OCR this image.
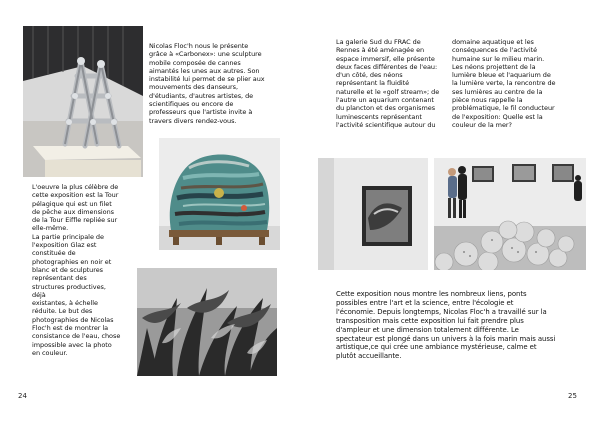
Nicolas Floc'h nous le présente
grâce à «Carbonex»: une sculpture
mobile composée de cannes
aimantés les unes aux autres. Son
instabilité lui permet de se plier aux
mouvements des danseurs,
d'étudiants, d'autres artistes, de
scientifiques ou encore de
professeurs que l'artiste invite à
travers divers rendez-vous.
L'oeuvre la plus célèbre de
cette exposition est la Tour
pélagique qui est un filet
de pêche aux dimensions
de la Tour Eiffle repliée sur
elle-même.
La partie principale de
l'exposition Glaz est
constituée de
photographies en noir et
blanc et de sculptures
représentant des
structures productives,
déjà
existantes, à échelle
réduite. Le but des
photographies de Nicolas
Floc'h est de montrer la
consistance de l'eau, chose
impossible avec la photo
en couleur.
24
La galerie Sud du FRAC de
Rennes à été aménagée en
espace immersif, elle présente
deux faces différentes de l'eau:
d'un côté, des néons
représentant la fluidité
naturelle et le «golf stream»; de
l'autre un aquarium contenant
du plancton et des organismes
luminescents représentant
l'activité scientifique autour du
domaine aquatique et les
conséquences de l'activité
humaine sur le milieu marin.
Les néons projettent de la
lumière bleue et l'aquarium de
la lumière verte, la rencontre de
ses lumières au centre de la
pièce nous rappelle la
problématique, le fil conducteur
de l'exposition: Quelle est la
couleur de la mer?
Cette exposition nous montre les nombreux liens, ponts
possibles entre l'art et la science, entre l'écologie et
l'économie. Depuis longtemps, Nicolas Floc'h a travaillé sur la
transposition mais cette exposition lui fait prendre plus
d'ampleur et une dimension totalement différente. Le
spectateur est plongé dans un univers à la fois marin mais aussi
artistique,ce qui crée une ambiance mystérieuse, calme et
plutôt accueillante.
25
